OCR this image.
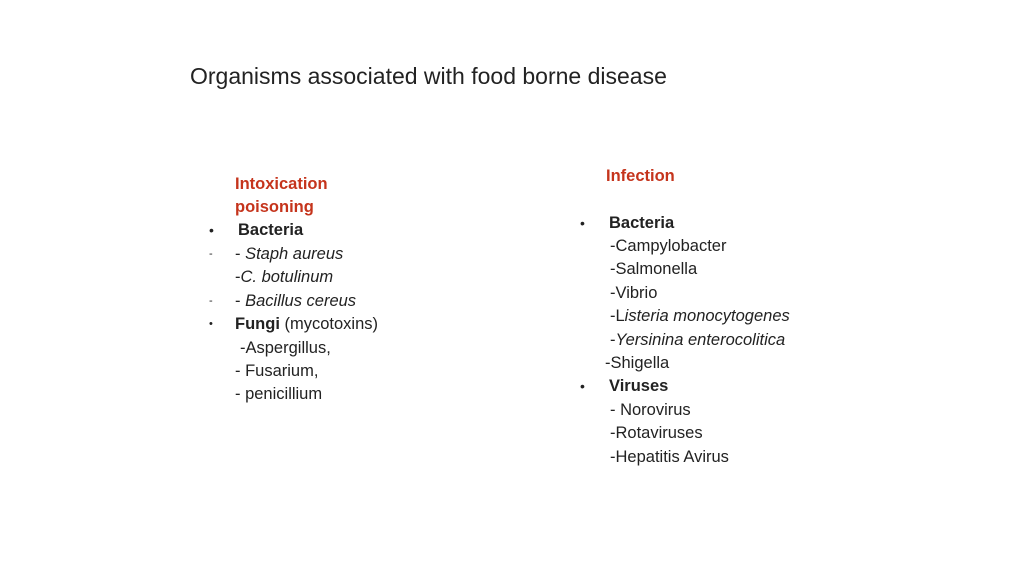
Organisms associated with food borne disease
Intoxication
poisoning
• Bacteria
- - Staph aureus
-C. botulinum
- - Bacillus cereus
• Fungi (mycotoxins)
-Aspergillus,
- Fusarium,
- penicillium
Infection
• Bacteria
-Campylobacter
-Salmonella
-Vibrio
-Listeria monocytogenes
-Yersinina enterocolitica
-Shigella
• Viruses
- Norovirus
-Rotaviruses
-Hepatitis Avirus
